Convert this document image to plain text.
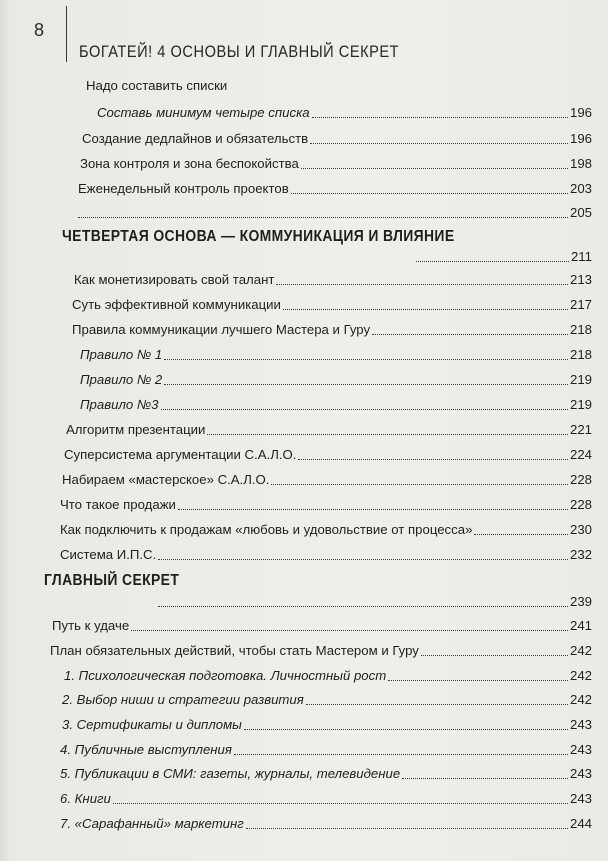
8
БОГАТЕЙ! 4 ОСНОВЫ И ГЛАВНЫЙ СЕКРЕТ
Надо составить списки
Составь минимум четыре списка	196
Создание дедлайнов и обязательств	196
Зона контроля и зона беспокойства	198
Еженедельный контроль проектов	203
205
ЧЕТВЕРТАЯ ОСНОВА — КОММУНИКАЦИЯ И ВЛИЯНИЕ
211
Как монетизировать свой талант	213
Суть эффективной коммуникации	217
Правила коммуникации лучшего Мастера и Гуру	218
Правило № 1	218
Правило № 2	219
Правило №3	219
Алгоритм презентации	221
Суперсистема аргументации С.А.Л.О.	224
Набираем «мастерское» С.А.Л.О.	228
Что такое продажи	228
Как подключить к продажам «любовь и удовольствие от процесса»	230
Система И.П.С.	232
ГЛАВНЫЙ СЕКРЕТ
239
Путь к удаче	241
План обязательных действий, чтобы стать Мастером и Гуру	242
1. Психологическая подготовка. Личностный рост	242
2. Выбор ниши и стратегии развития	242
3. Сертификаты и дипломы	243
4. Публичные выступления	243
5. Публикации в СМИ: газеты, журналы, телевидение	243
6. Книги	243
7. «Сарафанный» маркетинг	244
